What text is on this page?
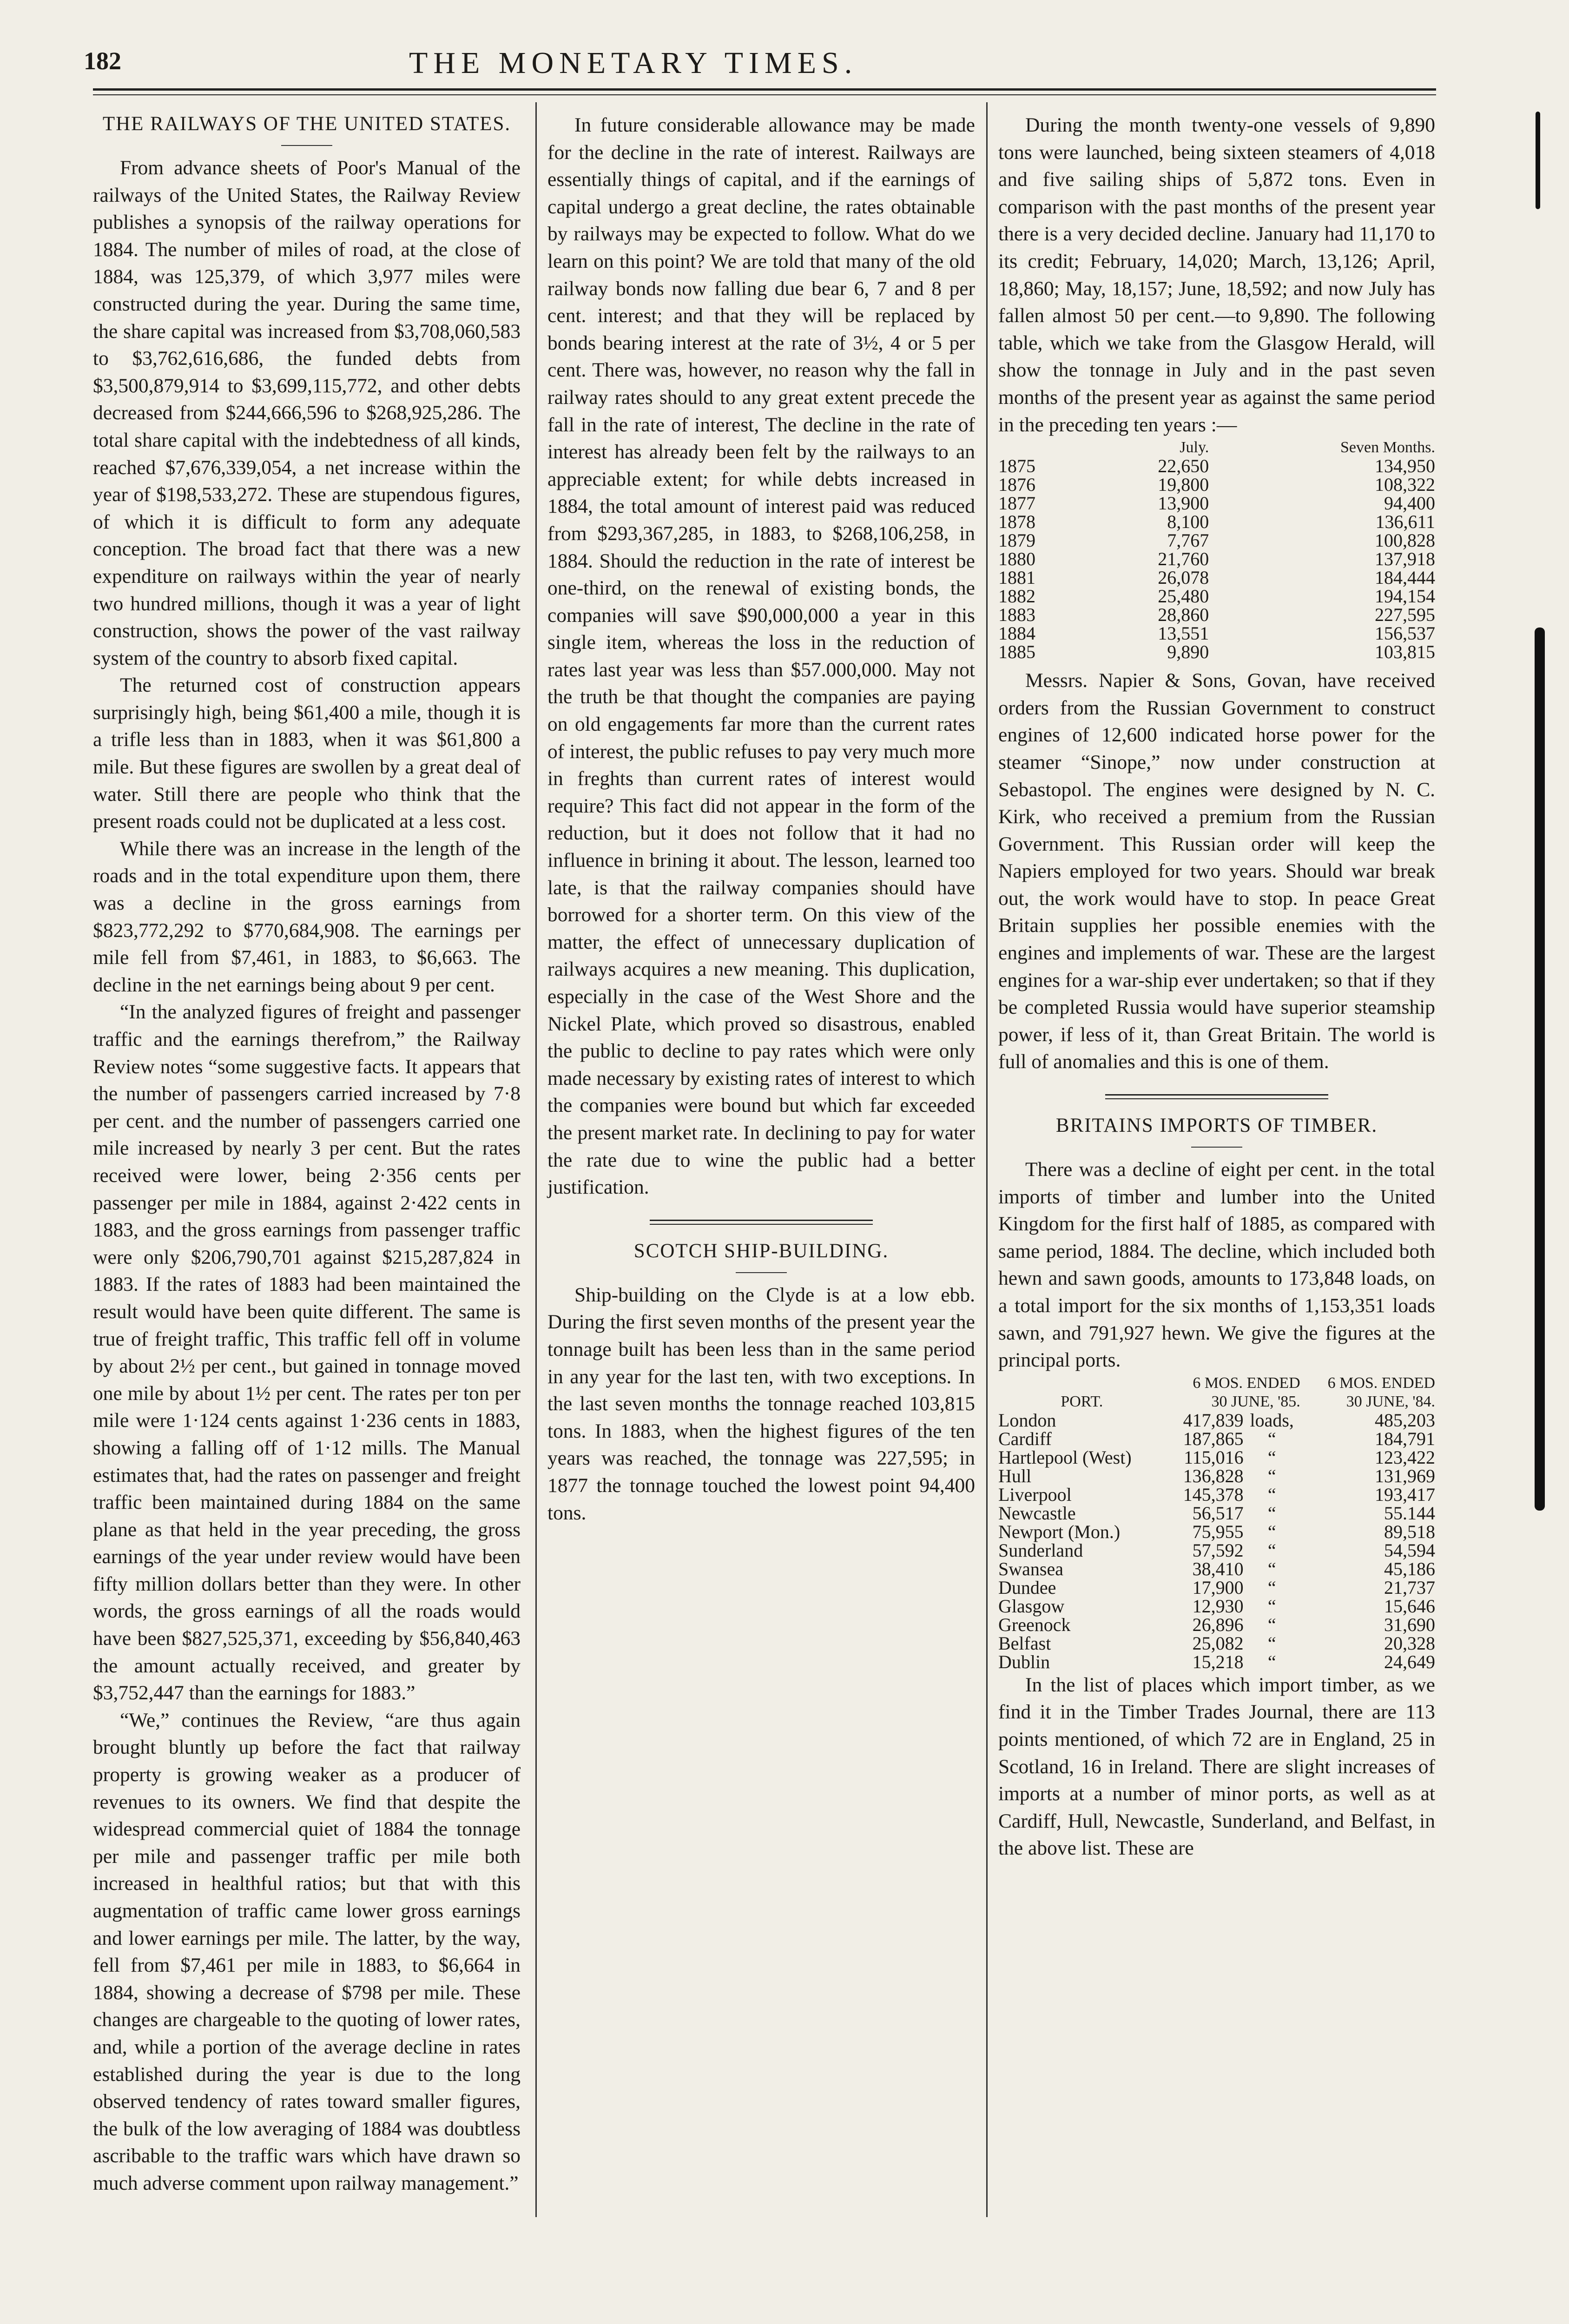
182	THE MONETARY TIMES.

THE RAILWAYS OF THE UNITED STATES.

From advance sheets of Poor's Manual of the railways of the United States, the Railway Review publishes a synopsis of the railway operations for 1884. The number of miles of road, at the close of 1884, was 125,379, of which 3,977 miles were constructed during the year. During the same time, the share capital was increased from $3,708,060,583 to $3,762,616,686, the funded debts from $3,500,879,914 to $3,699,115,772, and other debts decreased from $244,666,596 to $268,925,286. The total share capital with the indebtedness of all kinds, reached $7,676,339,054, a net increase within the year of $198,533,272. These are stupendous figures, of which it is difficult to form any adequate conception. The broad fact that there was a new expenditure on railways within the year of nearly two hundred millions, though it was a year of light construction, shows the power of the vast railway system of the country to absorb fixed capital.

The returned cost of construction appears surprisingly high, being $61,400 a mile, though it is a trifle less than in 1883, when it was $61,800 a mile. But these figures are swollen by a great deal of water. Still there are people who think that the present roads could not be duplicated at a less cost.

While there was an increase in the length of the roads and in the total expenditure upon them, there was a decline in the gross earnings from $823,772,292 to $770,684,908. The earnings per mile fell from $7,461, in 1883, to $6,663. The decline in the net earnings being about 9 per cent.

“In the analyzed figures of freight and passenger traffic and the earnings therefrom,” the Railway Review notes “some suggestive facts. It appears that the number of passengers carried increased by 7·8 per cent. and the number of passengers carried one mile increased by nearly 3 per cent. But the rates received were lower, being 2·356 cents per passenger per mile in 1884, against 2·422 cents in 1883, and the gross earnings from passenger traffic were only $206,790,701 against $215,287,824 in 1883. If the rates of 1883 had been maintained the result would have been quite different. The same is true of freight traffic, This traffic fell off in volume by about 2½ per cent., but gained in tonnage moved one mile by about 1½ per cent. The rates per ton per mile were 1·124 cents against 1·236 cents in 1883, showing a falling off of 1·12 mills. The Manual estimates that, had the rates on passenger and freight traffic been maintained during 1884 on the same plane as that held in the year preceding, the gross earnings of the year under review would have been fifty million dollars better than they were. In other words, the gross earnings of all the roads would have been $827,525,371, exceeding by $56,840,463 the amount actually received, and greater by $3,752,447 than the earnings for 1883.”

“We,” continues the Review, “are thus again brought bluntly up before the fact that railway property is growing weaker as a producer of revenues to its owners. We find that despite the widespread commercial quiet of 1884 the tonnage per mile and passenger traffic per mile both increased in healthful ratios; but that with this augmentation of traffic came lower gross earnings and lower earnings per mile. The latter, by the way, fell from $7,461 per mile in 1883, to $6,664 in 1884, showing a decrease of $798 per mile. These changes are chargeable to the quoting of lower rates, and, while a portion of the average decline in rates established during the year is due to the long observed tendency of rates toward smaller figures, the bulk of the low averaging of 1884 was doubtless ascribable to the traffic wars which have drawn so much adverse comment upon railway management.”

In future considerable allowance may be made for the decline in the rate of interest. Railways are essentially things of capital, and if the earnings of capital undergo a great decline, the rates obtainable by railways may be expected to follow. What do we learn on this point? We are told that many of the old railway bonds now falling due bear 6, 7 and 8 per cent. interest; and that they will be replaced by bonds bearing interest at the rate of 3½, 4 or 5 per cent. There was, however, no reason why the fall in railway rates should to any great extent precede the fall in the rate of interest, The decline in the rate of interest has already been felt by the railways to an appreciable extent; for while debts increased in 1884, the total amount of interest paid was reduced from $293,367,285, in 1883, to $268,106,258, in 1884. Should the reduction in the rate of interest be one-third, on the renewal of existing bonds, the companies will save $90,000,000 a year in this single item, whereas the loss in the reduction of rates last year was less than $57.000,000. May not the truth be that thought the companies are paying on old engagements far more than the current rates of interest, the public refuses to pay very much more in freghts than current rates of interest would require? This fact did not appear in the form of the reduction, but it does not follow that it had no influence in brining it about. The lesson, learned too late, is that the railway companies should have borrowed for a shorter term. On this view of the matter, the effect of unnecessary duplication of railways acquires a new meaning. This duplication, especially in the case of the West Shore and the Nickel Plate, which proved so disastrous, enabled the public to decline to pay rates which were only made necessary by existing rates of interest to which the companies were bound but which far exceeded the present market rate. In declining to pay for water the rate due to wine the public had a better justification.

SCOTCH SHIP-BUILDING.

Ship-building on the Clyde is at a low ebb. During the first seven months of the present year the tonnage built has been less than in the same period in any year for the last ten, with two exceptions. In the last seven months the tonnage reached 103,815 tons. In 1883, when the highest figures of the ten years was reached, the tonnage was 227,595; in 1877 the tonnage touched the lowest point 94,400 tons.

During the month twenty-one vessels of 9,890 tons were launched, being sixteen steamers of 4,018 and five sailing ships of 5,872 tons. Even in comparison with the past months of the present year there is a very decided decline. January had 11,170 to its credit; February, 14,020; March, 13,126; April, 18,860; May, 18,157; June, 18,592; and now July has fallen almost 50 per cent.—to 9,890. The following table, which we take from the Glasgow Herald, will show the tonnage in July and in the past seven months of the present year as against the same period in the preceding ten years :—

	July.	Seven Months.
1875	22,650	134,950
1876	19,800	108,322
1877	13,900	94,400
1878	8,100	136,611
1879	7,767	100,828
1880	21,760	137,918
1881	26,078	184,444
1882	25,480	194,154
1883	28,860	227,595
1884	13,551	156,537
1885	9,890	103,815

Messrs. Napier & Sons, Govan, have received orders from the Russian Government to construct engines of 12,600 indicated horse power for the steamer “Sinope,” now under construction at Sebastopol. The engines were designed by N. C. Kirk, who received a premium from the Russian Government. This Russian order will keep the Napiers employed for two years. Should war break out, the work would have to stop. In peace Great Britain supplies her possible enemies with the engines and implements of war. These are the largest engines for a war-ship ever undertaken; so that if they be completed Russia would have superior steamship power, if less of it, than Great Britain. The world is full of anomalies and this is one of them.

BRITAINS IMPORTS OF TIMBER.

There was a decline of eight per cent. in the total imports of timber and lumber into the United Kingdom for the first half of 1885, as compared with same period, 1884. The decline, which included both hewn and sawn goods, amounts to 173,848 loads, on a total import for the six months of 1,153,351 loads sawn, and 791,927 hewn. We give the figures at the principal ports.

	6 MOS. ENDED		6 MOS. ENDED
PORT.	30 JUNE, '85.		30 JUNE, '84.
London	417,839	loads,	485,203
Cardiff	187,865	“	184,791
Hartlepool (West)	115,016	“	123,422
Hull	136,828	“	131,969
Liverpool	145,378	“	193,417
Newcastle	56,517	“	55.144
Newport (Mon.)	75,955	“	89,518
Sunderland	57,592	“	54,594
Swansea	38,410	“	45,186
Dundee	17,900	“	21,737
Glasgow	12,930	“	15,646
Greenock	26,896	“	31,690
Belfast	25,082	“	20,328
Dublin	15,218	“	24,649

In the list of places which import timber, as we find it in the Timber Trades Journal, there are 113 points mentioned, of which 72 are in England, 25 in Scotland, 16 in Ireland. There are slight increases of imports at a number of minor ports, as well as at Cardiff, Hull, Newcastle, Sunderland, and Belfast, in the above list. These are
